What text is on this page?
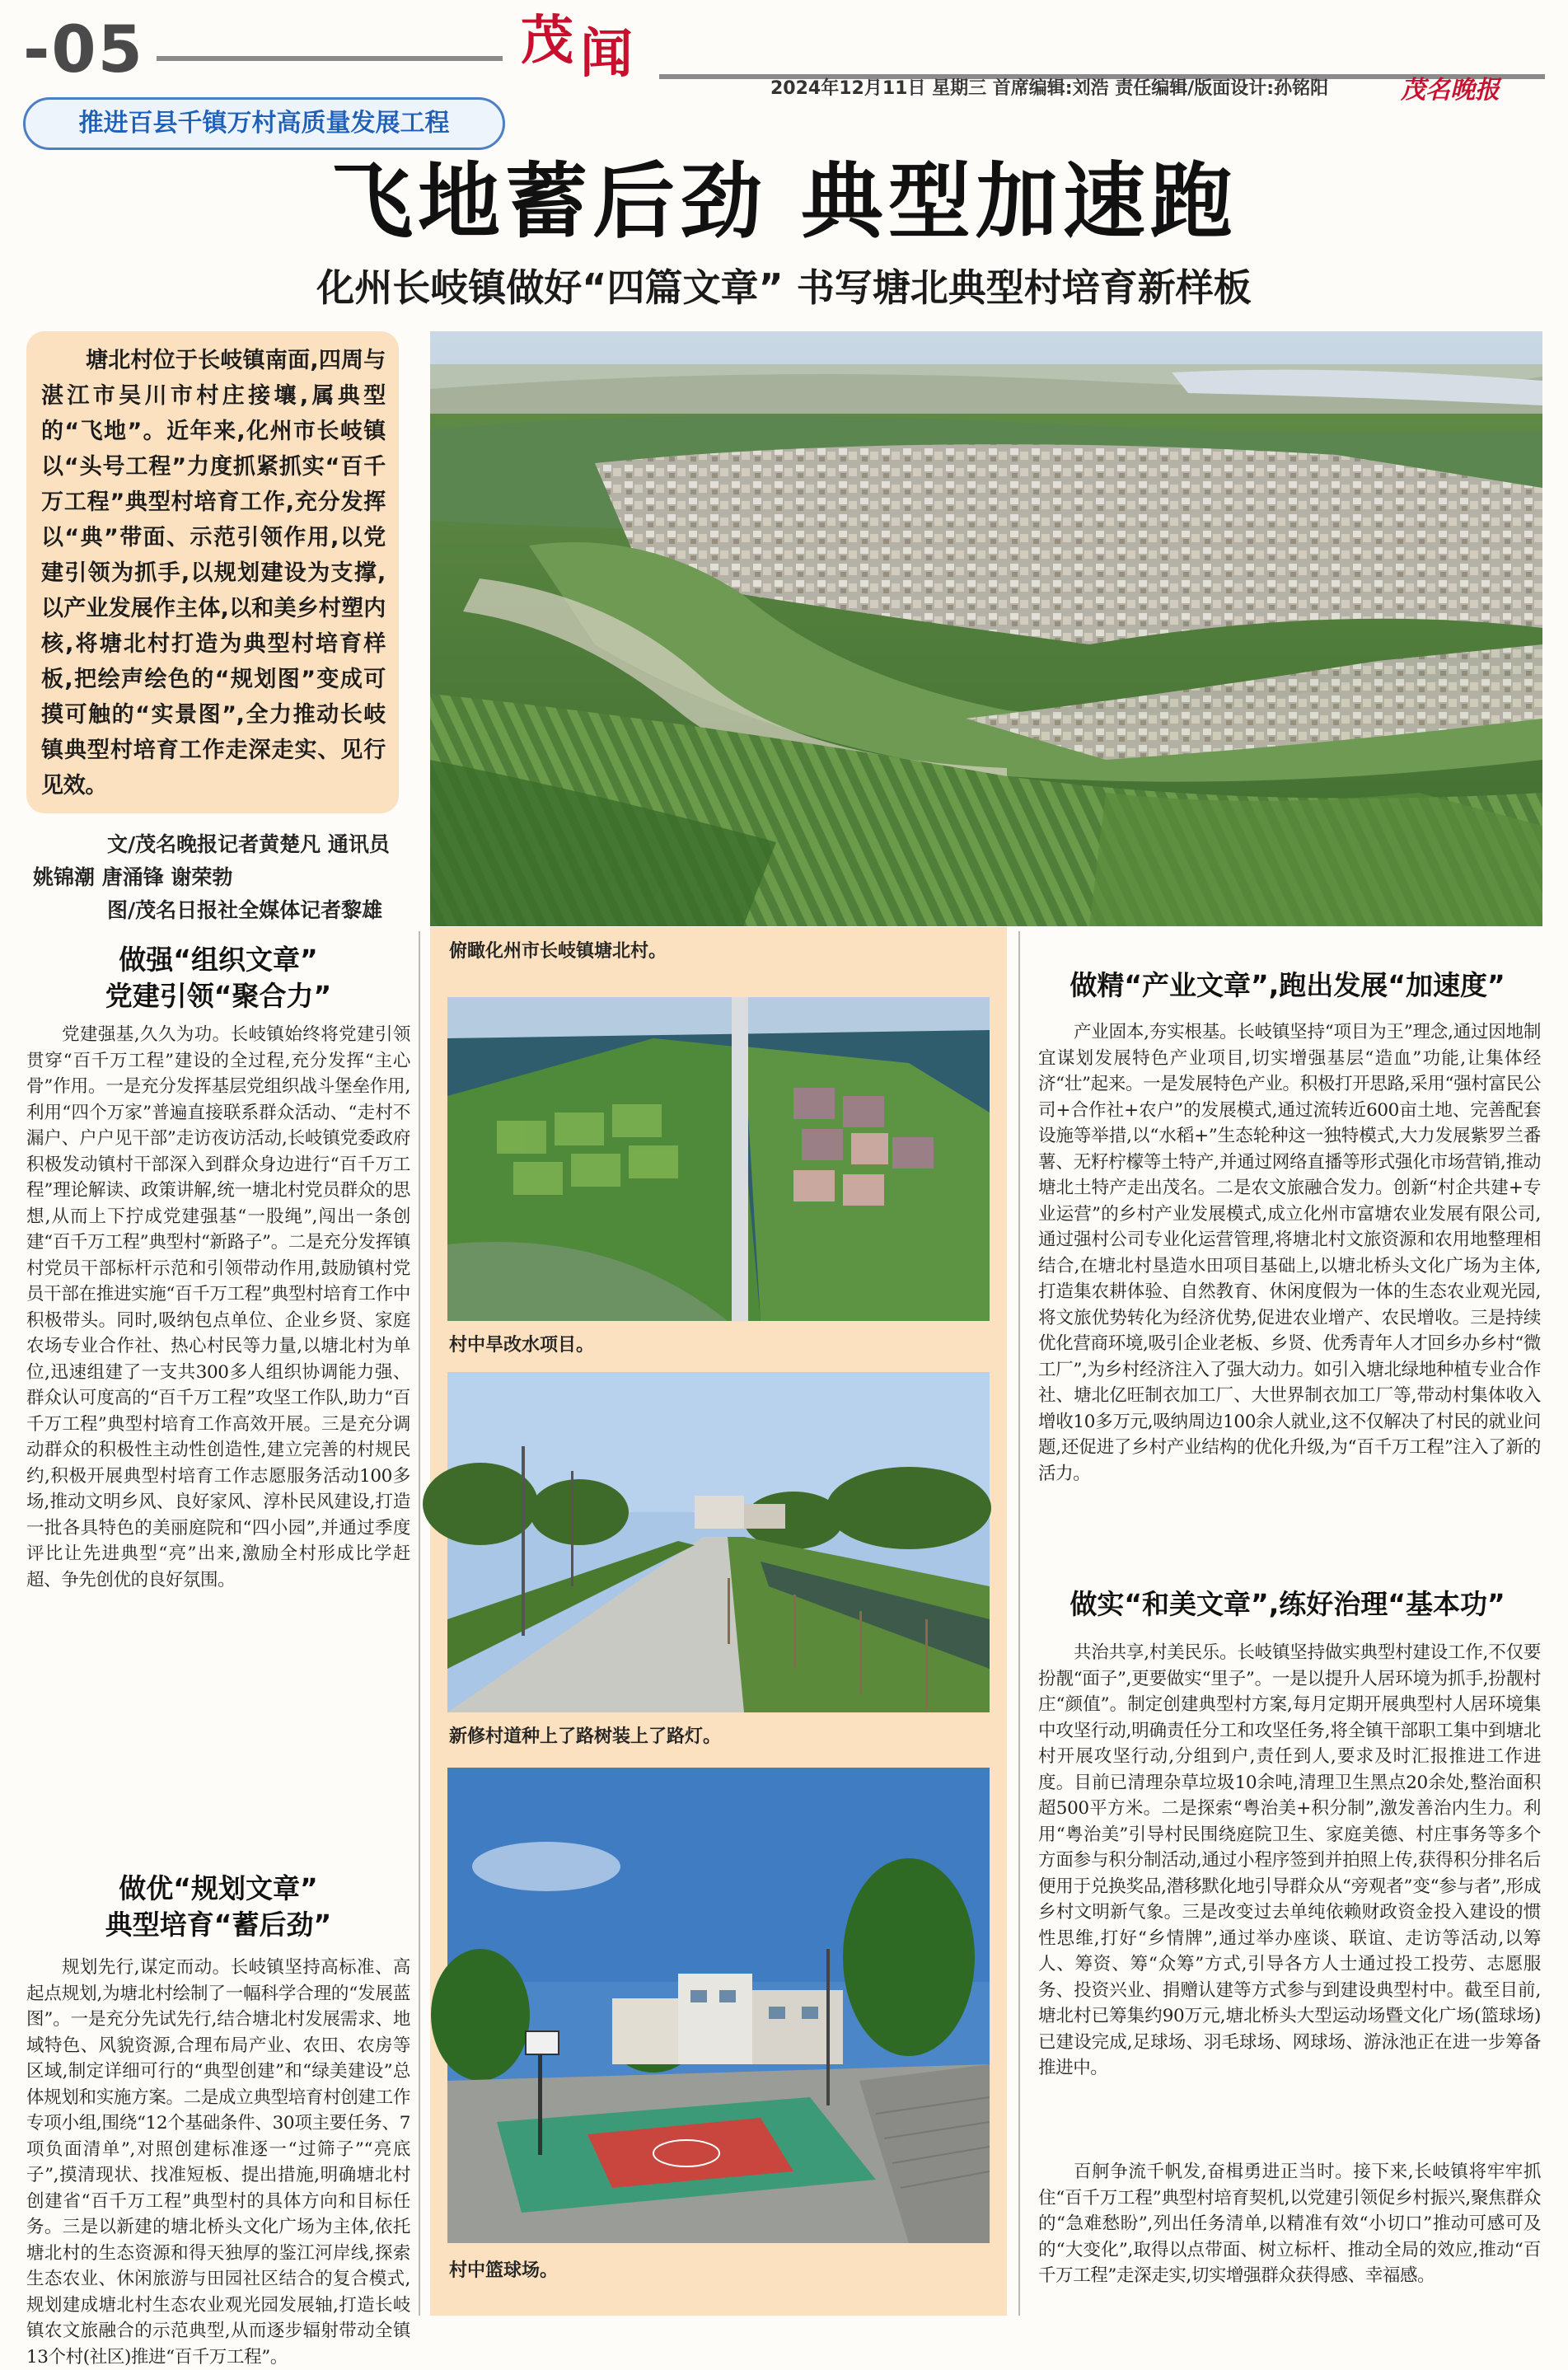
-05	茂 闻
2024年12月11日 星期三 首席编辑:刘浩 责任编辑/版面设计:孙铭阳	茂名晚报
推进百县千镇万村高质量发展工程
飞地蓄后劲 典型加速跑
化州长岐镇做好“四篇文章” 书写塘北典型村培育新样板

塘北村位于长岐镇南面,四周与湛江市吴川市村庄接壤,属典型的“飞地”。近年来,化州市长岐镇以“头号工程”力度抓紧抓实“百千万工程”典型村培育工作,充分发挥以“典”带面、示范引领作用,以党建引领为抓手,以规划建设为支撑,以产业发展作主体,以和美乡村塑内核,将塘北村打造为典型村培育样板,把绘声绘色的“规划图”变成可摸可触的“实景图”,全力推动长岐镇典型村培育工作走深走实、见行见效。

文/茂名晚报记者黄楚凡 通讯员

姚锦潮 唐涌锋 谢荣勃

图/茂名日报社全媒体记者黎雄

做强“组织文章”
党建引领“聚合力”

党建强基,久久为功。长岐镇始终将党建引领贯穿“百千万工程”建设的全过程,充分发挥“主心骨”作用。一是充分发挥基层党组织战斗堡垒作用,利用“四个万家”普遍直接联系群众活动、“走村不漏户、户户见干部”走访夜访活动,长岐镇党委政府积极发动镇村干部深入到群众身边进行“百千万工程”理论解读、政策讲解,统一塘北村党员群众的思想,从而上下拧成党建强基“一股绳”,闯出一条创建“百千万工程”典型村“新路子”。二是充分发挥镇村党员干部标杆示范和引领带动作用,鼓励镇村党员干部在推进实施“百千万工程”典型村培育工作中积极带头。同时,吸纳包点单位、企业乡贤、家庭农场专业合作社、热心村民等力量,以塘北村为单位,迅速组建了一支共300多人组织协调能力强、群众认可度高的“百千万工程”攻坚工作队,助力“百千万工程”典型村培育工作高效开展。三是充分调动群众的积极性主动性创造性,建立完善的村规民约,积极开展典型村培育工作志愿服务活动100多场,推动文明乡风、良好家风、淳朴民风建设,打造一批各具特色的美丽庭院和“四小园”,并通过季度评比让先进典型“亮”出来,激励全村形成比学赶超、争先创优的良好氛围。

做优“规划文章”
典型培育“蓄后劲”

规划先行,谋定而动。长岐镇坚持高标准、高起点规划,为塘北村绘制了一幅科学合理的“发展蓝图”。一是充分先试先行,结合塘北村发展需求、地域特色、风貌资源,合理布局产业、农田、农房等区域,制定详细可行的“典型创建”和“绿美建设”总体规划和实施方案。二是成立典型培育村创建工作专项小组,围绕“12个基础条件、30项主要任务、7项负面清单”,对照创建标准逐一“过筛子”“亮底子”,摸清现状、找准短板、提出措施,明确塘北村创建省“百千万工程”典型村的具体方向和目标任务。三是以新建的塘北桥头文化广场为主体,依托塘北村的生态资源和得天独厚的鉴江河岸线,探索生态农业、休闲旅游与田园社区结合的复合模式,规划建成塘北村生态农业观光园发展轴,打造长岐镇农文旅融合的示范典型,从而逐步辐射带动全镇13个村(社区)推进“百千万工程”。

俯瞰化州市长岐镇塘北村。
村中旱改水项目。
新修村道种上了路树装上了路灯。
村中篮球场。
做精“产业文章”,跑出发展“加速度”

产业固本,夯实根基。长岐镇坚持“项目为王”理念,通过因地制宜谋划发展特色产业项目,切实增强基层“造血”功能,让集体经济“壮”起来。一是发展特色产业。积极打开思路,采用“强村富民公司+合作社+农户”的发展模式,通过流转近600亩土地、完善配套设施等举措,以“水稻+”生态轮种这一独特模式,大力发展紫罗兰番薯、无籽柠檬等土特产,并通过网络直播等形式强化市场营销,推动塘北土特产走出茂名。二是农文旅融合发力。创新“村企共建+专业运营”的乡村产业发展模式,成立化州市富塘农业发展有限公司,通过强村公司专业化运营管理,将塘北村文旅资源和农用地整理相结合,在塘北村垦造水田项目基础上,以塘北桥头文化广场为主体,打造集农耕体验、自然教育、休闲度假为一体的生态农业观光园,将文旅优势转化为经济优势,促进农业增产、农民增收。三是持续优化营商环境,吸引企业老板、乡贤、优秀青年人才回乡办乡村“微工厂”,为乡村经济注入了强大动力。如引入塘北绿地种植专业合作社、塘北亿旺制衣加工厂、大世界制衣加工厂等,带动村集体收入增收10多万元,吸纳周边100余人就业,这不仅解决了村民的就业问题,还促进了乡村产业结构的优化升级,为“百千万工程”注入了新的活力。

做实“和美文章”,练好治理“基本功”

共治共享,村美民乐。长岐镇坚持做实典型村建设工作,不仅要扮靓“面子”,更要做实“里子”。一是以提升人居环境为抓手,扮靓村庄“颜值”。制定创建典型村方案,每月定期开展典型村人居环境集中攻坚行动,明确责任分工和攻坚任务,将全镇干部职工集中到塘北村开展攻坚行动,分组到户,责任到人,要求及时汇报推进工作进度。目前已清理杂草垃圾10余吨,清理卫生黑点20余处,整治面积超500平方米。二是探索“粤治美+积分制”,激发善治内生力。利用“粤治美”引导村民围绕庭院卫生、家庭美德、村庄事务等多个方面参与积分制活动,通过小程序签到并拍照上传,获得积分排名后便用于兑换奖品,潜移默化地引导群众从“旁观者”变“参与者”,形成乡村文明新气象。三是改变过去单纯依赖财政资金投入建设的惯性思维,打好“乡情牌”,通过举办座谈、联谊、走访等活动,以筹人、筹资、筹“众筹”方式,引导各方人士通过投工投劳、志愿服务、投资兴业、捐赠认建等方式参与到建设典型村中。截至目前,塘北村已筹集约90万元,塘北桥头大型运动场暨文化广场(篮球场)已建设完成,足球场、羽毛球场、网球场、游泳池正在进一步筹备推进中。

百舸争流千帆发,奋楫勇进正当时。接下来,长岐镇将牢牢抓住“百千万工程”典型村培育契机,以党建引领促乡村振兴,聚焦群众的“急难愁盼”,列出任务清单,以精准有效“小切口”推动可感可及的“大变化”,取得以点带面、树立标杆、推动全局的效应,推动“百千万工程”走深走实,切实增强群众获得感、幸福感。
